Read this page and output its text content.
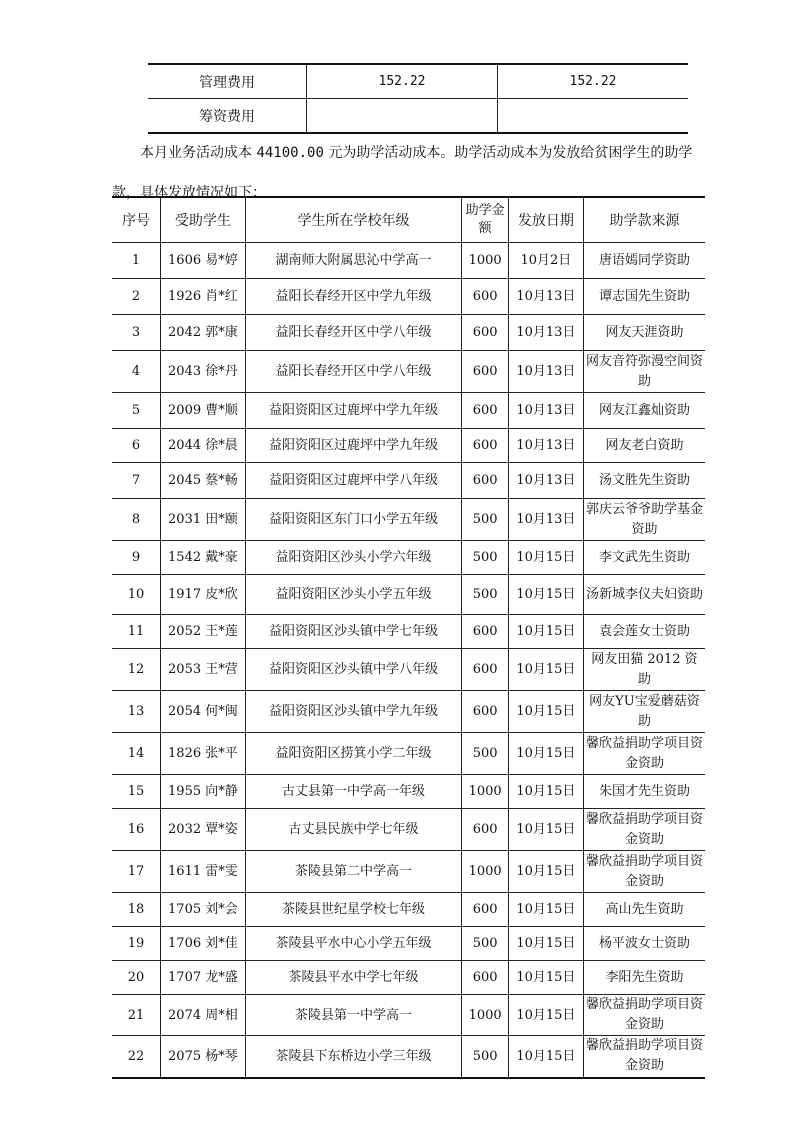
管理费用	152.22	152.22
筹资费用		

本月业务活动成本 44100.00 元为助学活动成本。助学活动成本为发放给贫困学生的助学款，具体发放情况如下：

序号	受助学生	学生所在学校年级	助学金额	发放日期	助学款来源
1	1606 易*婷	湖南师大附属思沁中学高一	1000	10月2日	唐语嫣同学资助
2	1926 肖*红	益阳长春经开区中学九年级	600	10月13日	谭志国先生资助
3	2042 郭*康	益阳长春经开区中学八年级	600	10月13日	网友天涯资助
4	2043 徐*丹	益阳长春经开区中学八年级	600	10月13日	网友音符弥漫空间资助
5	2009 曹*顺	益阳资阳区过鹿坪中学九年级	600	10月13日	网友江鑫灿资助
6	2044 徐*晨	益阳资阳区过鹿坪中学九年级	600	10月13日	网友老白资助
7	2045 蔡*畅	益阳资阳区过鹿坪中学八年级	600	10月13日	汤文胜先生资助
8	2031 田*颐	益阳资阳区东门口小学五年级	500	10月13日	郭庆云爷爷助学基金资助
9	1542 戴*豪	益阳资阳区沙头小学六年级	500	10月15日	李文武先生资助
10	1917 皮*欣	益阳资阳区沙头小学五年级	500	10月15日	汤新城李仪夫妇资助
11	2052 王*莲	益阳资阳区沙头镇中学七年级	600	10月15日	袁会莲女士资助
12	2053 王*营	益阳资阳区沙头镇中学八年级	600	10月15日	网友田猫 2012 资助
13	2054 何*闽	益阳资阳区沙头镇中学九年级	600	10月15日	网友YU宝爱蘑菇资助
14	1826 张*平	益阳资阳区捞箕小学二年级	500	10月15日	馨欣益捐助学项目资金资助
15	1955 向*静	古丈县第一中学高一年级	1000	10月15日	朱国才先生资助
16	2032 覃*姿	古丈县民族中学七年级	600	10月15日	馨欣益捐助学项目资金资助
17	1611 雷*雯	茶陵县第二中学高一	1000	10月15日	馨欣益捐助学项目资金资助
18	1705 刘*会	茶陵县世纪星学校七年级	600	10月15日	高山先生资助
19	1706 刘*佳	茶陵县平水中心小学五年级	500	10月15日	杨平波女士资助
20	1707 龙*盛	茶陵县平水中学七年级	600	10月15日	李阳先生资助
21	2074 周*相	茶陵县第一中学高一	1000	10月15日	馨欣益捐助学项目资金资助
22	2075 杨*琴	茶陵县下东桥边小学三年级	500	10月15日	馨欣益捐助学项目资金资助
